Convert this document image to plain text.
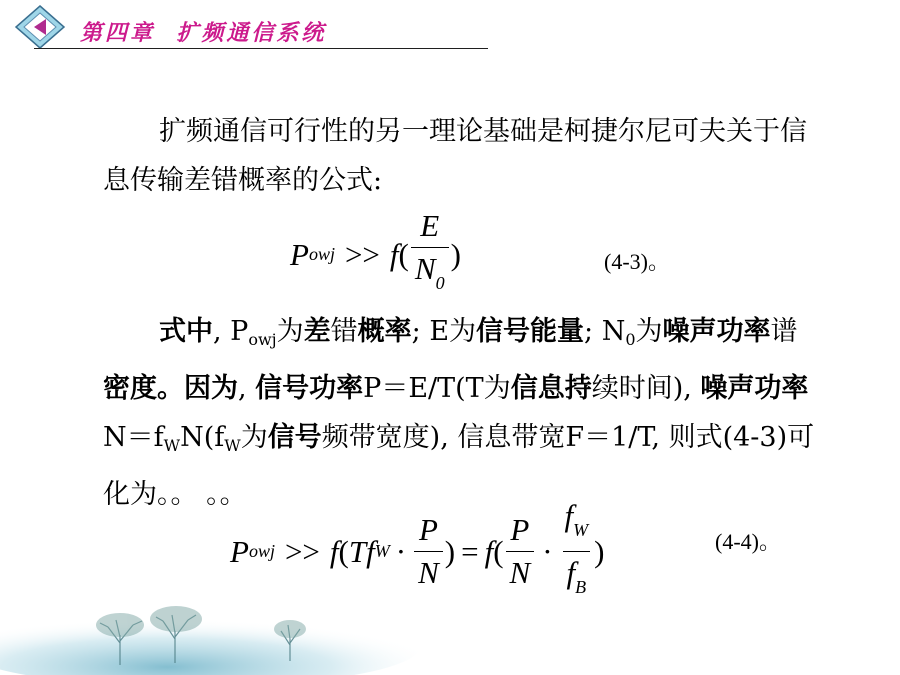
第四章  扩频通信系统

扩频通信可行性的另一理论基础是柯捷尔尼可夫关于信息传输差错概率的公式:

P owj >> f ( $\frac{E}{N_0}$ )	(4-3)。

式中, $P_{owj}$为差错概率; E为信号能量; $N_0$为噪声功率谱密度。因为, 信号功率P＝E/T(T为信息持续时间), 噪声功率$N=f_WN(f_W$为信号频带宽度), 信息带宽F＝1/T, 则式(4-3)可化为。。 。。

P owj >> f ( T f $W \cdot \frac{P}{N}$ ) = f ( $\frac{P}{N} \cdot \frac{f_W}{f_B}$ )	(4-4)。
